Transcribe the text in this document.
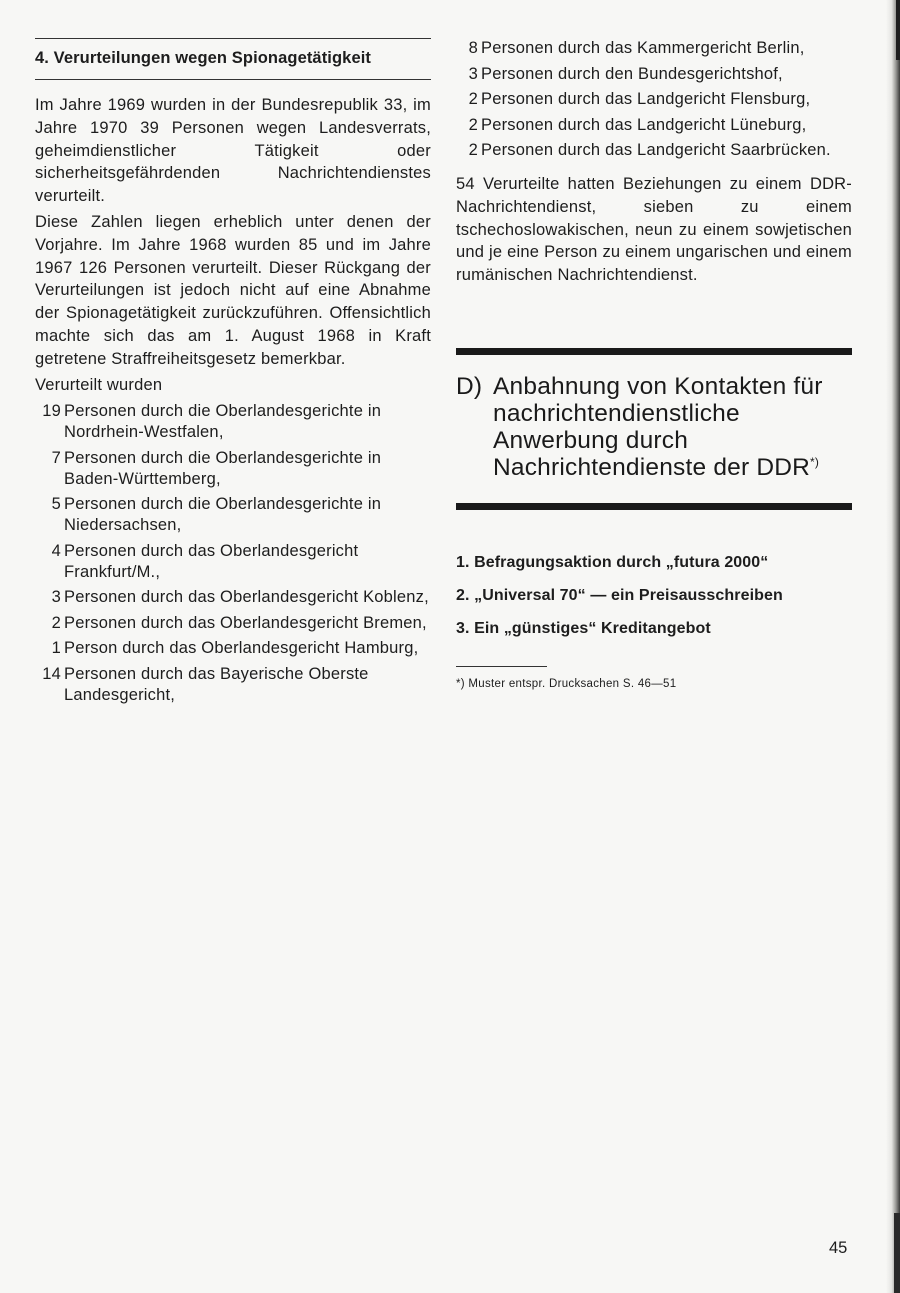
4. Verurteilungen wegen Spionagetätigkeit

Im Jahre 1969 wurden in der Bundesrepublik 33, im Jahre 1970 39 Personen wegen Landesverrats, geheimdienstlicher Tätigkeit oder sicherheitsgefährdenden Nachrichtendienstes verurteilt.

Diese Zahlen liegen erheblich unter denen der Vorjahre. Im Jahre 1968 wurden 85 und im Jahre 1967 126 Personen verurteilt. Dieser Rückgang der Verurteilungen ist jedoch nicht auf eine Abnahme der Spionagetätigkeit zurückzuführen. Offensichtlich machte sich das am 1. August 1968 in Kraft getretene Straffreiheitsgesetz bemerkbar.

Verurteilt wurden

19 Personen durch die Oberlandesgerichte in Nordrhein-Westfalen,
7 Personen durch die Oberlandesgerichte in Baden-Württemberg,
5 Personen durch die Oberlandesgerichte in Niedersachsen,
4 Personen durch das Oberlandesgericht Frankfurt/M.,
3 Personen durch das Oberlandesgericht Koblenz,
2 Personen durch das Oberlandesgericht Bremen,
1 Person durch das Oberlandesgericht Hamburg,
14 Personen durch das Bayerische Oberste Landesgericht,
8 Personen durch das Kammergericht Berlin,
3 Personen durch den Bundesgerichtshof,
2 Personen durch das Landgericht Flensburg,
2 Personen durch das Landgericht Lüneburg,
2 Personen durch das Landgericht Saarbrücken.

54 Verurteilte hatten Beziehungen zu einem DDR-Nachrichtendienst, sieben zu einem tschechoslowakischen, neun zu einem sowjetischen und je eine Person zu einem ungarischen und einem rumänischen Nachrichtendienst.

D) Anbahnung von Kontakten für nachrichtendienstliche Anwerbung durch Nachrichtendienste der DDR*)
1. Befragungsaktion durch „futura 2000“
2. „Universal 70“ — ein Preisausschreiben
3. Ein „günstiges“ Kreditangebot
*) Muster entspr. Drucksachen S. 46—51
45
